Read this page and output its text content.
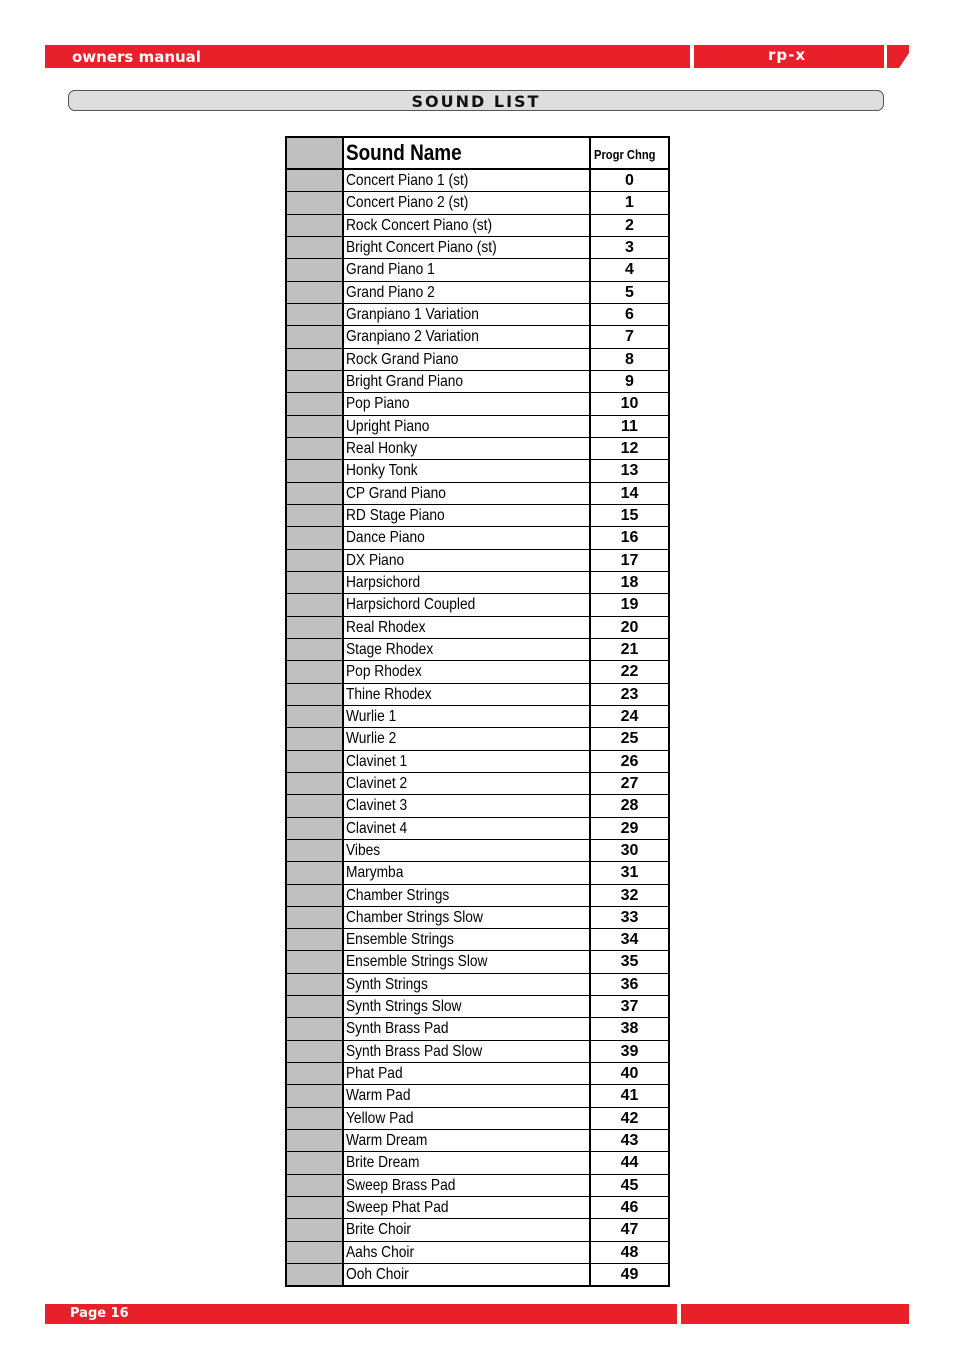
owners manual	rp-x
SOUND LIST
Sound Name	Progr Chng
Concert Piano 1 (st)	0
Concert Piano 2 (st)	1
Rock Concert Piano (st)	2
Bright Concert Piano (st)	3
Grand Piano 1	4
Grand Piano 2	5
Granpiano 1 Variation	6
Granpiano 2 Variation	7
Rock Grand Piano	8
Bright Grand Piano	9
Pop Piano	10
Upright Piano	11
Real Honky	12
Honky Tonk	13
CP Grand Piano	14
RD Stage Piano	15
Dance Piano	16
DX Piano	17
Harpsichord	18
Harpsichord Coupled	19
Real Rhodex	20
Stage Rhodex	21
Pop Rhodex	22
Thine Rhodex	23
Wurlie 1	24
Wurlie 2	25
Clavinet 1	26
Clavinet 2	27
Clavinet 3	28
Clavinet 4	29
Vibes	30
Marymba	31
Chamber Strings	32
Chamber Strings Slow	33
Ensemble Strings	34
Ensemble Strings Slow	35
Synth Strings	36
Synth Strings Slow	37
Synth Brass Pad	38
Synth Brass Pad Slow	39
Phat Pad	40
Warm Pad	41
Yellow Pad	42
Warm Dream	43
Brite Dream	44
Sweep Brass Pad	45
Sweep Phat Pad	46
Brite Choir	47
Aahs Choir	48
Ooh Choir	49
Page 16
